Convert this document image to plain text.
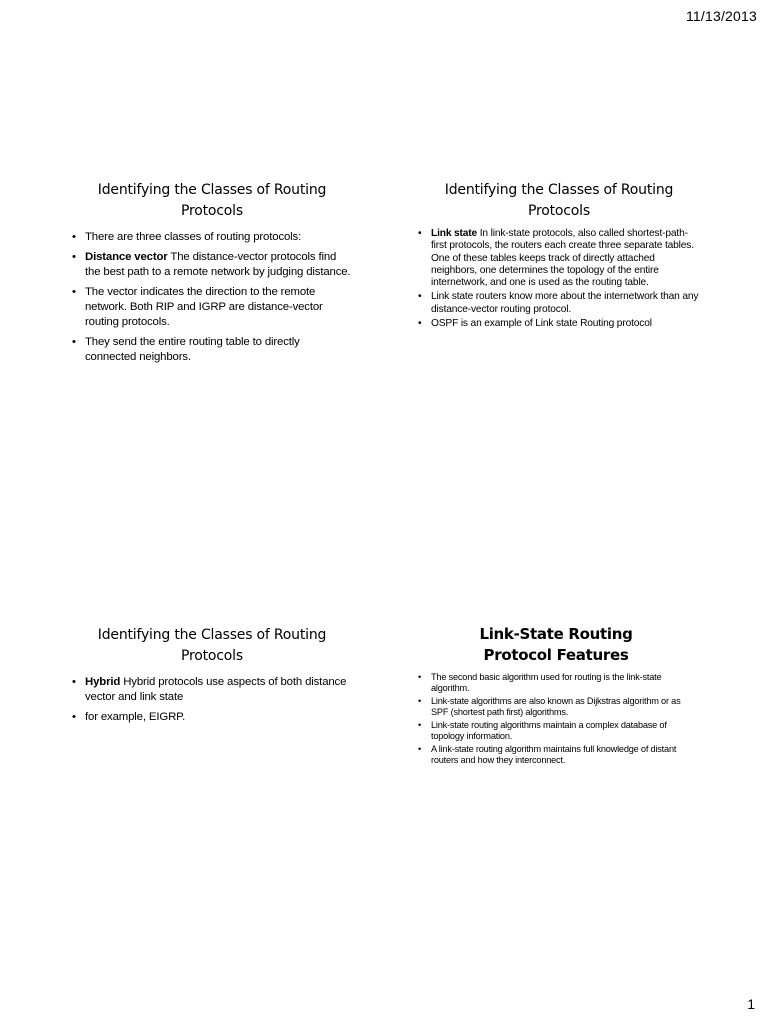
11/13/2013
Identifying the Classes of Routing Protocols
• There are three classes of routing protocols:
• Distance vector The distance-vector protocols find the best path to a remote network by judging distance.
• The vector indicates the direction to the remote network. Both RIP and IGRP are distance-vector routing protocols.
• They send the entire routing table to directly connected neighbors.
Identifying the Classes of Routing Protocols
• Link state In link-state protocols, also called shortest-path-first protocols, the routers each create three separate tables. One of these tables keeps track of directly attached neighbors, one determines the topology of the entire internetwork, and one is used as the routing table.
• Link state routers know more about the internetwork than any distance-vector routing protocol.
• OSPF is an example of Link state Routing protocol
Identifying the Classes of Routing Protocols
• Hybrid Hybrid protocols use aspects of both distance vector and link state
• for example, EIGRP.
Link-State Routing Protocol Features
• The second basic algorithm used for routing is the link-state algorithm.
• Link-state algorithms are also known as Dijkstras algorithm or as SPF (shortest path first) algorithms.
• Link-state routing algorithms maintain a complex database of topology information.
• A link-state routing algorithm maintains full knowledge of distant routers and how they interconnect.
1
